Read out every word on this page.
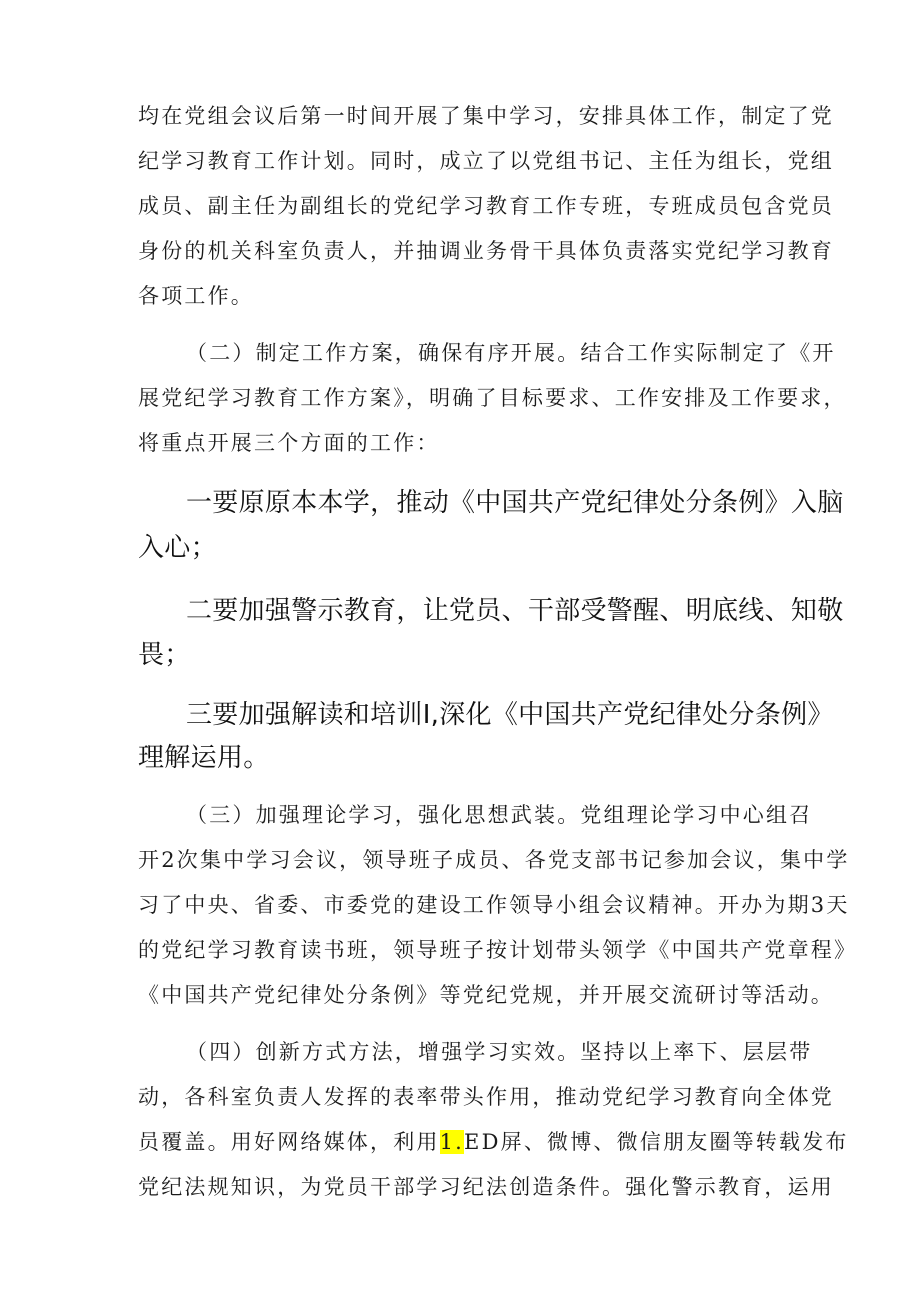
均在党组会议后第一时间开展了集中学习，安排具体工作，制定了党
纪学习教育工作计划。同时，成立了以党组书记、主任为组长，党组
成员、副主任为副组长的党纪学习教育工作专班，专班成员包含党员
身份的机关科室负责人，并抽调业务骨干具体负责落实党纪学习教育
各项工作。
（二）制定工作方案，确保有序开展。结合工作实际制定了《开
展党纪学习教育工作方案》，明确了目标要求、工作安排及工作要求，
将重点开展三个方面的工作：
一要原原本本学，推动《中国共产党纪律处分条例》入脑
入心；
二要加强警示教育，让党员、干部受警醒、明底线、知敬
畏；
三要加强解读和培训I,深化《中国共产党纪律处分条例》
理解运用。
（三）加强理论学习，强化思想武装。党组理论学习中心组召
开2次集中学习会议，领导班子成员、各党支部书记参加会议，集中学
习了中央、省委、市委党的建设工作领导小组会议精神。开办为期3天
的党纪学习教育读书班，领导班子按计划带头领学《中国共产党章程》
《中国共产党纪律处分条例》等党纪党规，并开展交流研讨等活动。
（四）创新方式方法，增强学习实效。坚持以上率下、层层带
动，各科室负责人发挥的表率带头作用，推动党纪学习教育向全体党
员覆盖。用好网络媒体，利用1.ED屏、微博、微信朋友圈等转载发布
党纪法规知识，为党员干部学习纪法创造条件。强化警示教育，运用
